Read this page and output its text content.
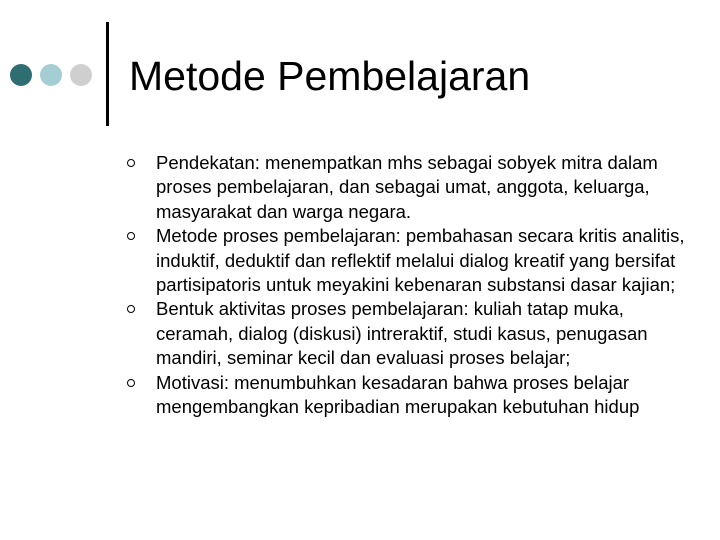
Metode Pembelajaran
Pendekatan: menempatkan mhs sebagai sobyek mitra dalam proses pembelajaran, dan sebagai umat, anggota, keluarga, masyarakat dan warga negara.
Metode proses pembelajaran: pembahasan secara kritis analitis, induktif, deduktif dan reflektif melalui dialog kreatif yang bersifat partisipatoris untuk meyakini kebenaran substansi dasar kajian;
Bentuk aktivitas proses pembelajaran: kuliah tatap muka, ceramah, dialog (diskusi) intreraktif, studi kasus, penugasan mandiri, seminar kecil dan evaluasi proses belajar;
Motivasi: menumbuhkan kesadaran bahwa proses belajar mengembangkan kepribadian merupakan kebutuhan hidup
